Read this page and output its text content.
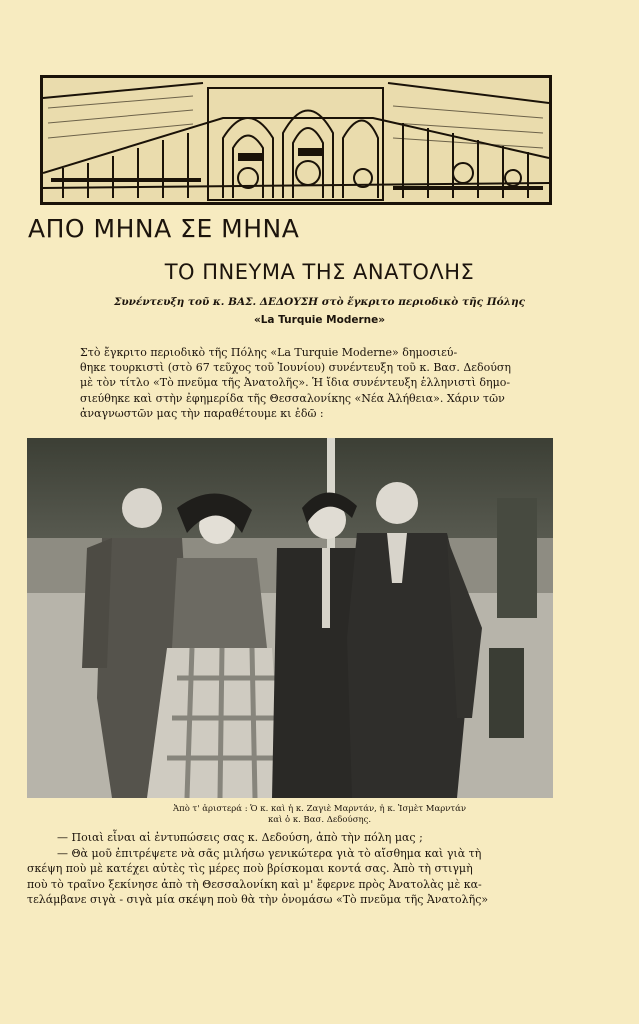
ΑΠΟ ΜΗΝΑ ΣΕ ΜΗΝΑ
ΤΟ ΠΝΕΥΜΑ ΤΗΣ ΑΝΑΤΟΛΗΣ
Συνέντευξη τοῦ κ. ΒΑΣ. ΔΕΔΟΥΣΗ στὸ ἔγκριτο περιοδικὸ τῆς Πόλης
«La Turquie Moderne»
Στὸ ἔγκριτο περιοδικὸ τῆς Πόλης «La Turquie Moderne» δημοσιεύ-
θηκε τουρκιστὶ (στὸ 67 τεῦχος τοῦ Ἰουνίου) συνέντευξη τοῦ κ. Βασ. Δεδούση
μὲ τὸν τίτλο «Τὸ πνεῦμα τῆς Ἀνατολῆς». Ἡ ἴδια συνέντευξη ἑλληνιστὶ δημο-
σιεύθηκε καὶ στὴν ἐφημερίδα τῆς Θεσσαλονίκης «Νέα Ἀλήθεια». Χάριν τῶν
ἀναγνωστῶν μας τὴν παραθέτουμε κι ἐδῶ :
Ἀπὸ τ' ἀριστερά : Ὁ κ. καὶ ἡ κ. Ζαγιὲ Μαρντάν, ἡ κ. Ἰσμὲτ Μαρντάν
καὶ ὁ κ. Βασ. Δεδούσης.
— Ποιαὶ εἶναι αἱ ἐντυπώσεις σας κ. Δεδούση, ἀπὸ τὴν πόλη μας ;
— Θὰ μοῦ ἐπιτρέψετε νὰ σᾶς μιλήσω γενικώτερα γιὰ τὸ αἴσθημα καὶ γιὰ τὴ
σκέψη ποὺ μὲ κατέχει αὐτὲς τὶς μέρες ποὺ βρίσκομαι κοντά σας. Ἀπὸ τὴ στιγμὴ
ποὺ τὸ τραῖνο ξεκίνησε ἀπὸ τὴ Θεσσαλονίκη καὶ μ' ἔφερνε πρὸς Ἀνατολὰς μὲ κα-
τελάμβανε σιγὰ - σιγὰ μία σκέψη ποὺ θὰ τὴν ὀνομάσω «Τὸ πνεῦμα τῆς Ἀνατολῆς»
